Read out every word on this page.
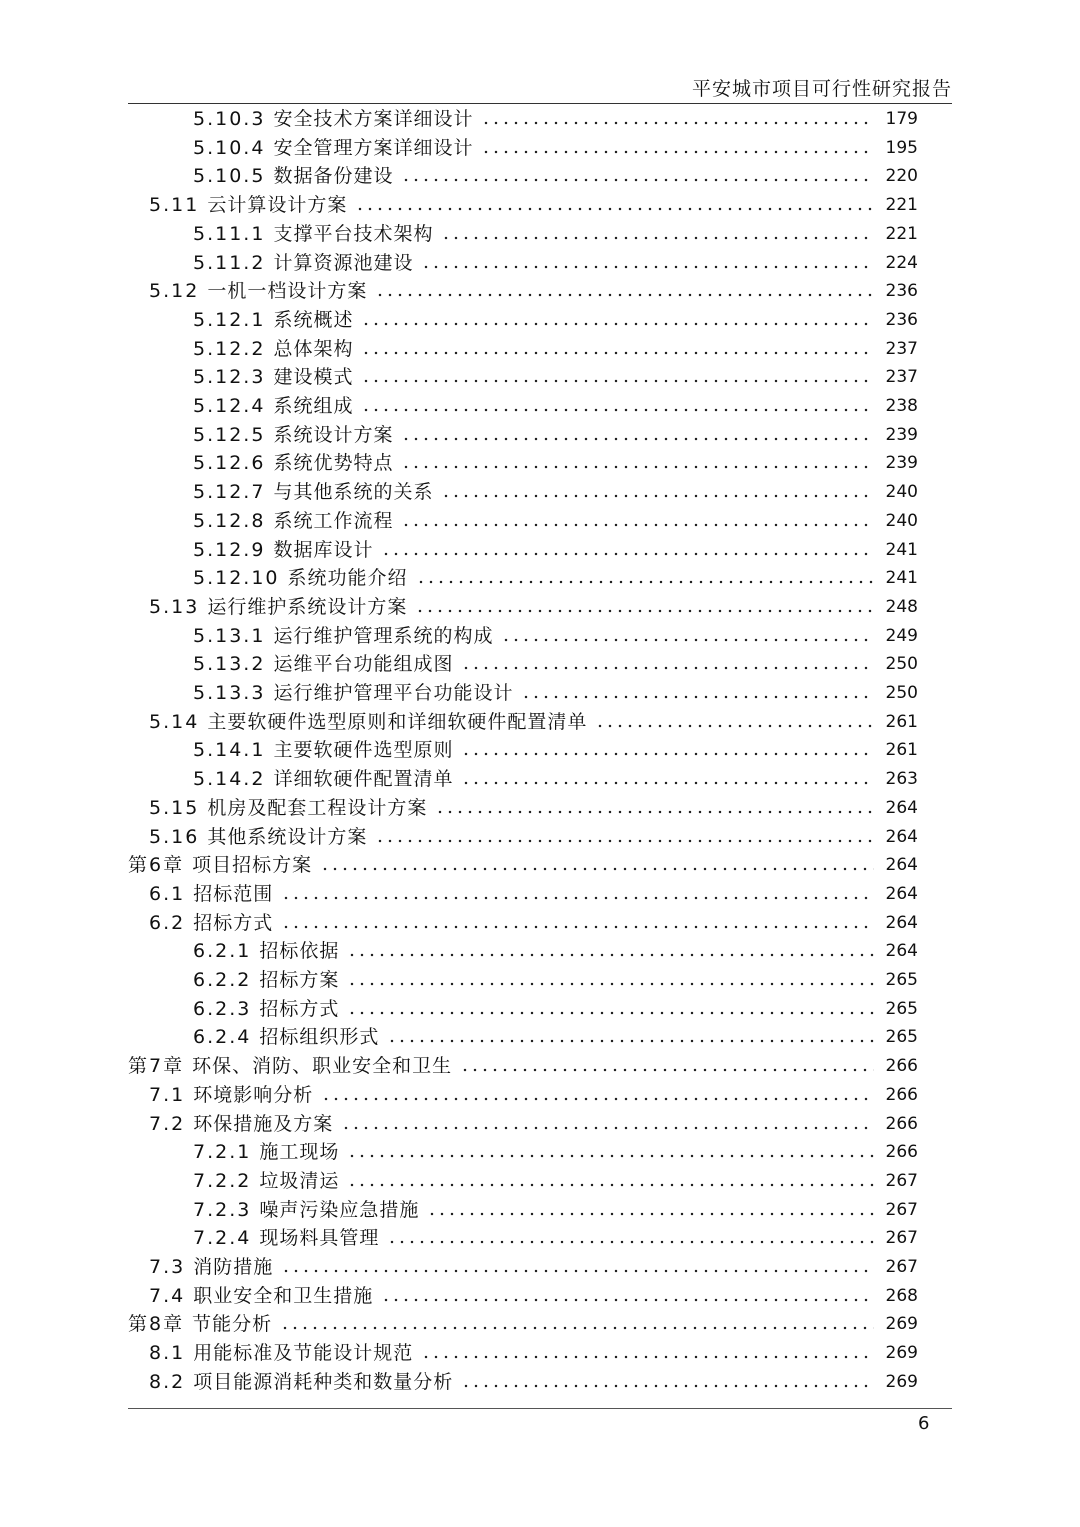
平安城市项目可行性研究报告
5.10.3 安全技术方案详细设计	179
5.10.4 安全管理方案详细设计	195
5.10.5 数据备份建设	220
5.11 云计算设计方案	221
5.11.1 支撑平台技术架构	221
5.11.2 计算资源池建设	224
5.12 一机一档设计方案	236
5.12.1 系统概述	236
5.12.2 总体架构	237
5.12.3 建设模式	237
5.12.4 系统组成	238
5.12.5 系统设计方案	239
5.12.6 系统优势特点	239
5.12.7 与其他系统的关系	240
5.12.8 系统工作流程	240
5.12.9 数据库设计	241
5.12.10 系统功能介绍	241
5.13 运行维护系统设计方案	248
5.13.1 运行维护管理系统的构成	249
5.13.2 运维平台功能组成图	250
5.13.3 运行维护管理平台功能设计	250
5.14 主要软硬件选型原则和详细软硬件配置清单	261
5.14.1 主要软硬件选型原则	261
5.14.2 详细软硬件配置清单	263
5.15 机房及配套工程设计方案	264
5.16 其他系统设计方案	264
第6章 项目招标方案	264
6.1 招标范围	264
6.2 招标方式	264
6.2.1 招标依据	264
6.2.2 招标方案	265
6.2.3 招标方式	265
6.2.4 招标组织形式	265
第7章 环保、消防、职业安全和卫生	266
7.1 环境影响分析	266
7.2 环保措施及方案	266
7.2.1 施工现场	266
7.2.2 垃圾清运	267
7.2.3 噪声污染应急措施	267
7.2.4 现场料具管理	267
7.3 消防措施	267
7.4 职业安全和卫生措施	268
第8章 节能分析	269
8.1 用能标准及节能设计规范	269
8.2 项目能源消耗种类和数量分析	269
6
